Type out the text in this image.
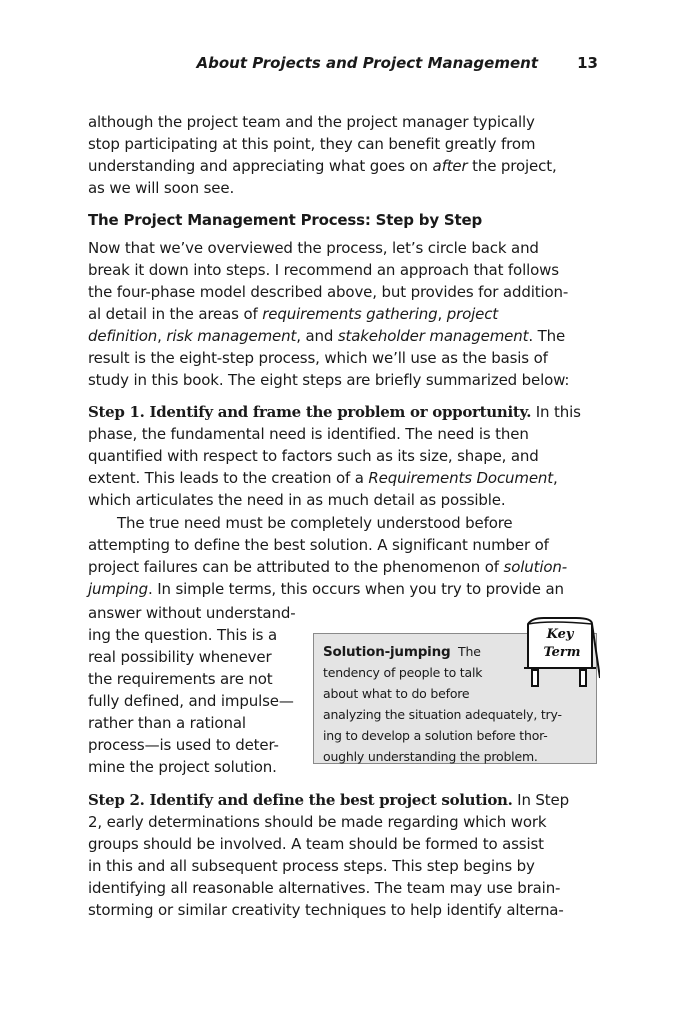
About Projects and Project Management	13
although the project team and the project manager typically
stop participating at this point, they can benefit greatly from
understanding and appreciating what goes on after the project,
as we will soon see.
The Project Management Process: Step by Step
Now that we’ve overviewed the process, let’s circle back and
break it down into steps. I recommend an approach that follows
the four-phase model described above, but provides for addition-
al detail in the areas of requirements gathering, project
definition, risk management, and stakeholder management. The
result is the eight-step process, which we’ll use as the basis of
study in this book. The eight steps are briefly summarized below:
Step 1. Identify and frame the problem or opportunity. In this
phase, the fundamental need is identified. The need is then
quantified with respect to factors such as its size, shape, and
extent. This leads to the creation of a Requirements Document,
which articulates the need in as much detail as possible.
The true need must be completely understood before
attempting to define the best solution. A significant number of
project failures can be attributed to the phenomenon of solution-
jumping. In simple terms, this occurs when you try to provide an
answer without understand-
ing the question. This is a
real possibility whenever
the requirements are not
fully defined, and impulse—
rather than a rational
process—is used to deter-
mine the project solution.
Solution-jumping  The
tendency of people to talk
about what to do before
analyzing the situation adequately, try-
ing to develop a solution before thor-
oughly understanding the problem.
Key
Term
Step 2. Identify and define the best project solution. In Step
2, early determinations should be made regarding which work
groups should be involved. A team should be formed to assist
in this and all subsequent process steps. This step begins by
identifying all reasonable alternatives. The team may use brain-
storming or similar creativity techniques to help identify alterna-
